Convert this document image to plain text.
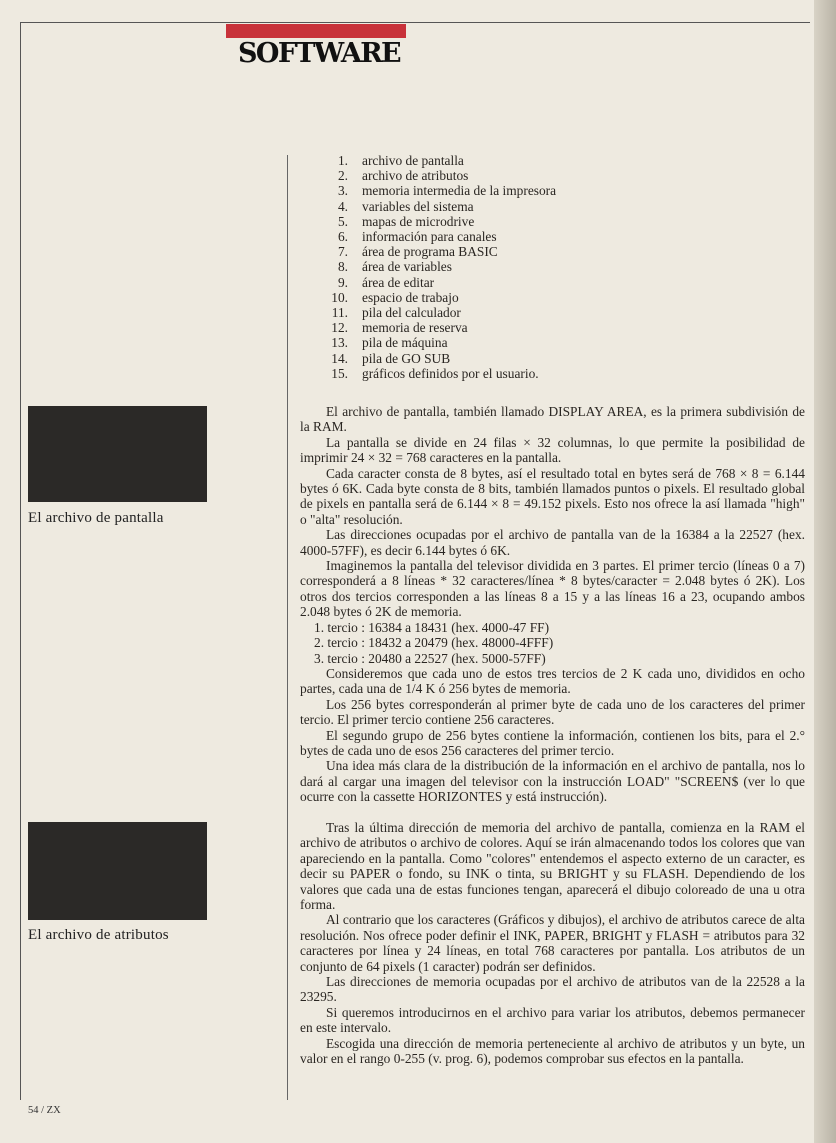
SOFTWARE
1. archivo de pantalla
2. archivo de atributos
3. memoria intermedia de la impresora
4. variables del sistema
5. mapas de microdrive
6. información para canales
7. área de programa BASIC
8. área de variables
9. área de editar
10. espacio de trabajo
11. pila del calculador
12. memoria de reserva
13. pila de máquina
14. pila de GO SUB
15. gráficos definidos por el usuario.

El archivo de pantalla

El archivo de atributos

El archivo de pantalla, también llamado DISPLAY AREA, es la primera subdivisión de la RAM.

La pantalla se divide en 24 filas × 32 columnas, lo que permite la posibilidad de imprimir 24 × 32 = 768 caracteres en la pantalla.

Cada caracter consta de 8 bytes, así el resultado total en bytes será de 768 × 8 = 6.144 bytes ó 6K. Cada byte consta de 8 bits, también llamados puntos o pixels. El resultado global de pixels en pantalla será de 6.144 × 8 = 49.152 pixels. Esto nos ofrece la así llamada "high" o "alta" resolución.

Las direcciones ocupadas por el archivo de pantalla van de la 16384 a la 22527 (hex. 4000-57FF), es decir 6.144 bytes ó 6K.

Imaginemos la pantalla del televisor dividida en 3 partes. El primer tercio (líneas 0 a 7) corresponderá a 8 líneas * 32 caracteres/línea * 8 bytes/caracter = 2.048 bytes ó 2K). Los otros dos tercios corresponden a las líneas 8 a 15 y a las líneas 16 a 23, ocupando ambos 2.048 bytes ó 2K de memoria.

1. tercio : 16384 a 18431 (hex. 4000-47 FF)

2. tercio : 18432 a 20479 (hex. 48000-4FFF)

3. tercio : 20480 a 22527 (hex. 5000-57FF)

Consideremos que cada uno de estos tres tercios de 2 K cada uno, divididos en ocho partes, cada una de 1/4 K ó 256 bytes de memoria.

Los 256 bytes corresponderán al primer byte de cada uno de los caracteres del primer tercio. El primer tercio contiene 256 caracteres.

El segundo grupo de 256 bytes contiene la información, contienen los bits, para el 2.° bytes de cada uno de esos 256 caracteres del primer tercio.

Una idea más clara de la distribución de la información en el archivo de pantalla, nos lo dará al cargar una imagen del televisor con la instrucción LOAD" "SCREEN$ (ver lo que ocurre con la cassette HORIZONTES y está instrucción).

Tras la última dirección de memoria del archivo de pantalla, comienza en la RAM el archivo de atributos o archivo de colores. Aquí se irán almacenando todos los colores que van apareciendo en la pantalla. Como "colores" entendemos el aspecto externo de un caracter, es decir su PAPER o fondo, su INK o tinta, su BRIGHT y su FLASH. Dependiendo de los valores que cada una de estas funciones tengan, aparecerá el dibujo coloreado de una u otra forma.

Al contrario que los caracteres (Gráficos y dibujos), el archivo de atributos carece de alta resolución. Nos ofrece poder definir el INK, PAPER, BRIGHT y FLASH = atributos para 32 caracteres por línea y 24 líneas, en total 768 caracteres por pantalla. Los atributos de un conjunto de 64 pixels (1 caracter) podrán ser definidos.

Las direcciones de memoria ocupadas por el archivo de atributos van de la 22528 a la 23295.

Si queremos introducirnos en el archivo para variar los atributos, debemos permanecer en este intervalo.

Escogida una dirección de memoria perteneciente al archivo de atributos y un byte, un valor en el rango 0-255 (v. prog. 6), podemos comprobar sus efectos en la pantalla.

54 / ZX
